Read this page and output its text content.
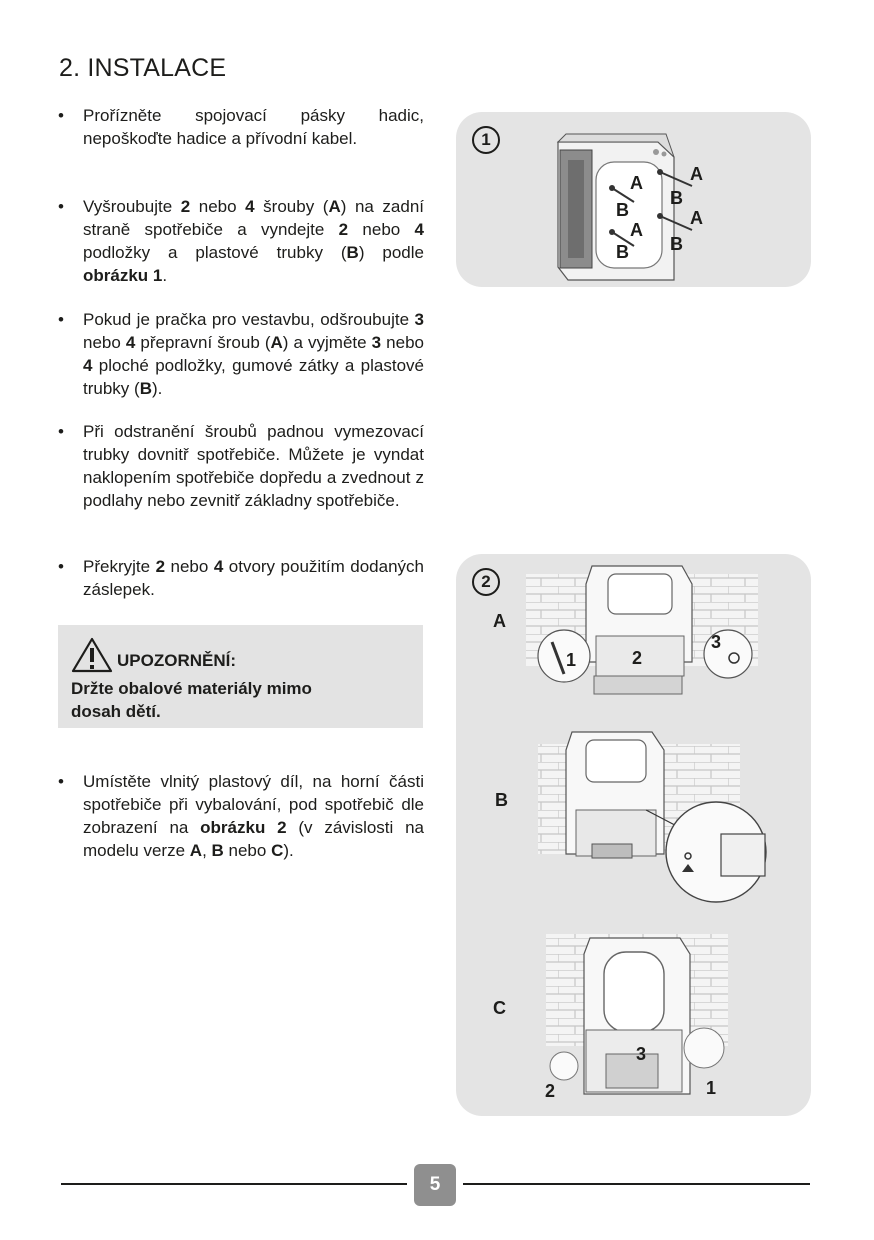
2. INSTALACE
• Prořízněte spojovací pásky hadic, nepoškoďte hadice a přívodní kabel.
• Vyšroubujte 2 nebo 4 šrouby (A) na zadní straně spotřebiče a vyndejte 2 nebo 4 podložky a plastové trubky (B) podle obrázku 1.
• Pokud je pračka pro vestavbu, odšroubujte 3 nebo 4 přepravní šroub (A) a vyjměte 3 nebo 4 ploché podložky, gumové zátky a plastové trubky (B).
• Při odstranění šroubů padnou vymezovací trubky dovnitř spotřebiče. Můžete je vyndat naklopením spotřebiče dopředu a zvednout z podlahy nebo zevnitř základny spotřebiče.
• Překryjte 2 nebo 4 otvory použitím dodaných záslepek.
• Umístěte vlnitý plastový díl, na horní části spotřebiče při vybalování, pod spotřebič dle zobrazení na obrázku 2 (v závislosti na modelu verze A, B nebo C).
UPOZORNĚNÍ:
Držte obalové materiály mimo
dosah dětí.
1
A
B
A
B
A
B
A
B
2
A
B
C
1	2
3
3
2	1
5
